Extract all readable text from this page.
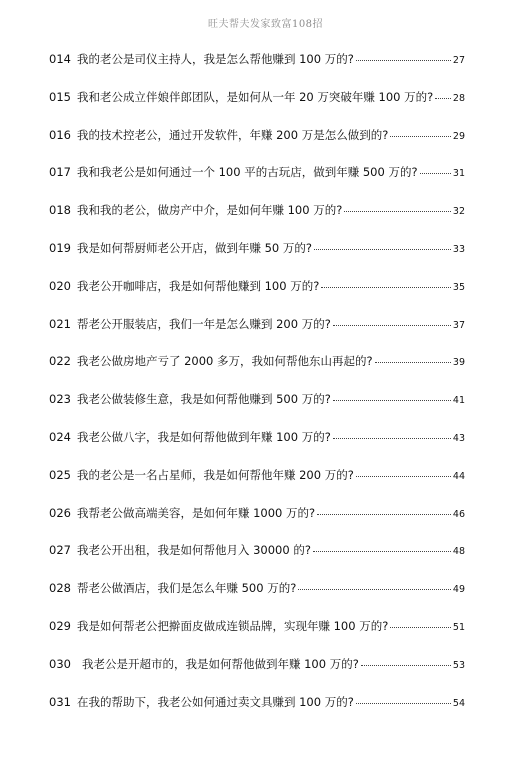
旺夫帮夫发家致富108招
014 我的老公是司仪主持人，我是怎么帮他赚到 100 万的?	27
015 我和老公成立伴娘伴郎团队，是如何从一年 20 万突破年赚 100 万的? 28
016 我的技术控老公，通过开发软件，年赚 200 万是怎么做到的?	29
017 我和我老公是如何通过一个 100 平的古玩店，做到年赚 500 万的?	31
018 我和我的老公，做房产中介，是如何年赚 100 万的?	32
019 我是如何帮厨师老公开店，做到年赚 50 万的?	33
020 我老公开咖啡店，我是如何帮他赚到 100 万的?	35
021 帮老公开服装店，我们一年是怎么赚到 200 万的?	37
022 我老公做房地产亏了 2000 多万，我如何帮他东山再起的?	39
023 我老公做装修生意，我是如何帮他赚到 500 万的?	41
024 我老公做八字，我是如何帮他做到年赚 100 万的?	43
025 我的老公是一名占星师，我是如何帮他年赚 200 万的?	44
026 我帮老公做高端美容，是如何年赚 1000 万的?	46
027 我老公开出租，我是如何帮他月入 30000 的?	48
028 帮老公做酒店，我们是怎么年赚 500 万的?	49
029 我是如何帮老公把擀面皮做成连锁品牌，实现年赚 100 万的?	51
030 我老公是开超市的，我是如何帮他做到年赚 100 万的?	53
031 在我的帮助下，我老公如何通过卖文具赚到 100 万的?	54
